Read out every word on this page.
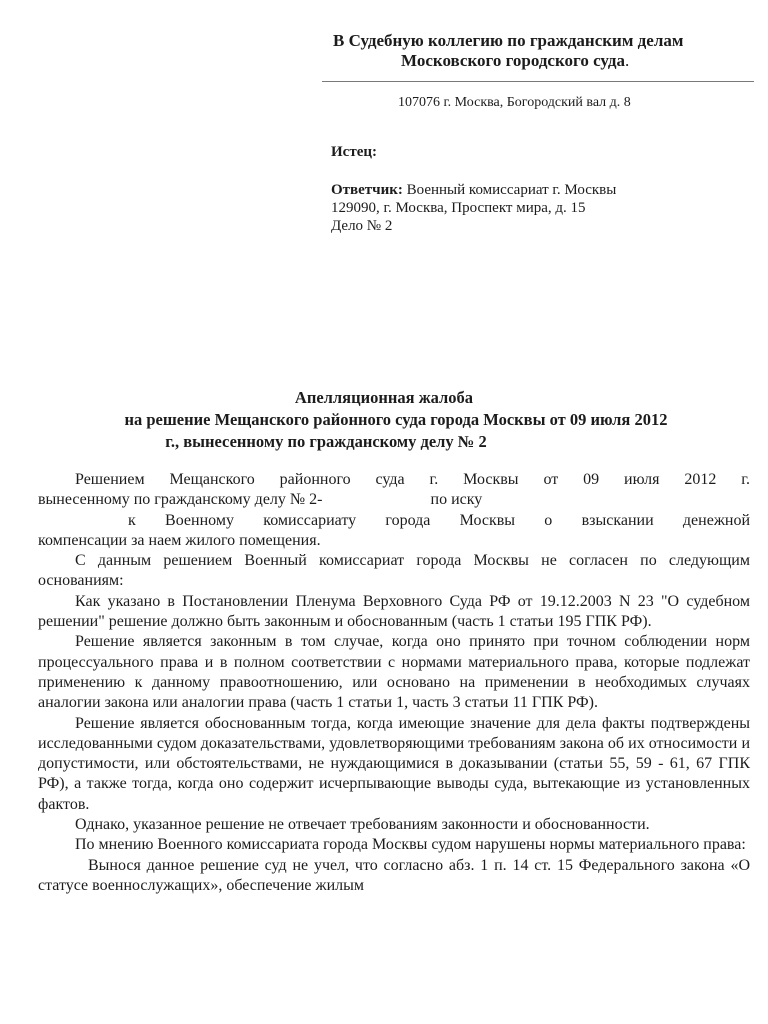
В Судебную коллегию по гражданским делам
Московского городского суда.
107076 г. Москва, Богородский вал д. 8
Истец:
Ответчик: Военный комиссариат г. Москвы
129090, г. Москва, Проспект мира, д. 15
Дело № 2
Апелляционная жалоба
на решение Мещанского районного суда города Москвы от 09 июля 2012
г., вынесенному по гражданскому делу № 2

Решением Мещанского районного суда г. Москвы от 09 июля 2012 г.

вынесенному по гражданскому делу № 2-	по иску

к Военному комиссариату города Москвы о взыскании денежной

компенсации за наем жилого помещения.

С данным решением Военный комиссариат города Москвы не согласен по следующим основаниям:

Как указано в Постановлении Пленума Верховного Суда РФ от 19.12.2003 N 23 "О судебном решении" решение должно быть законным и обоснованным (часть 1 статьи 195 ГПК РФ).

Решение является законным в том случае, когда оно принято при точном соблюдении норм процессуального права и в полном соответствии с нормами материального права, которые подлежат применению к данному правоотношению, или основано на применении в необходимых случаях аналогии закона или аналогии права (часть 1 статьи 1, часть 3 статьи 11 ГПК РФ).

Решение является обоснованным тогда, когда имеющие значение для дела факты подтверждены исследованными судом доказательствами, удовлетворяющими требованиям закона об их относимости и допустимости, или обстоятельствами, не нуждающимися в доказывании (статьи 55, 59 - 61, 67 ГПК РФ), а также тогда, когда оно содержит исчерпывающие выводы суда, вытекающие из установленных фактов.

Однако, указанное решение не отвечает требованиям законности и обоснованности.

По мнению Военного комиссариата города Москвы судом нарушены нормы материального права:

Вынося данное решение суд не учел, что согласно абз. 1 п. 14 ст. 15 Федерального закона «О статусе военнослужащих», обеспечение жилым
